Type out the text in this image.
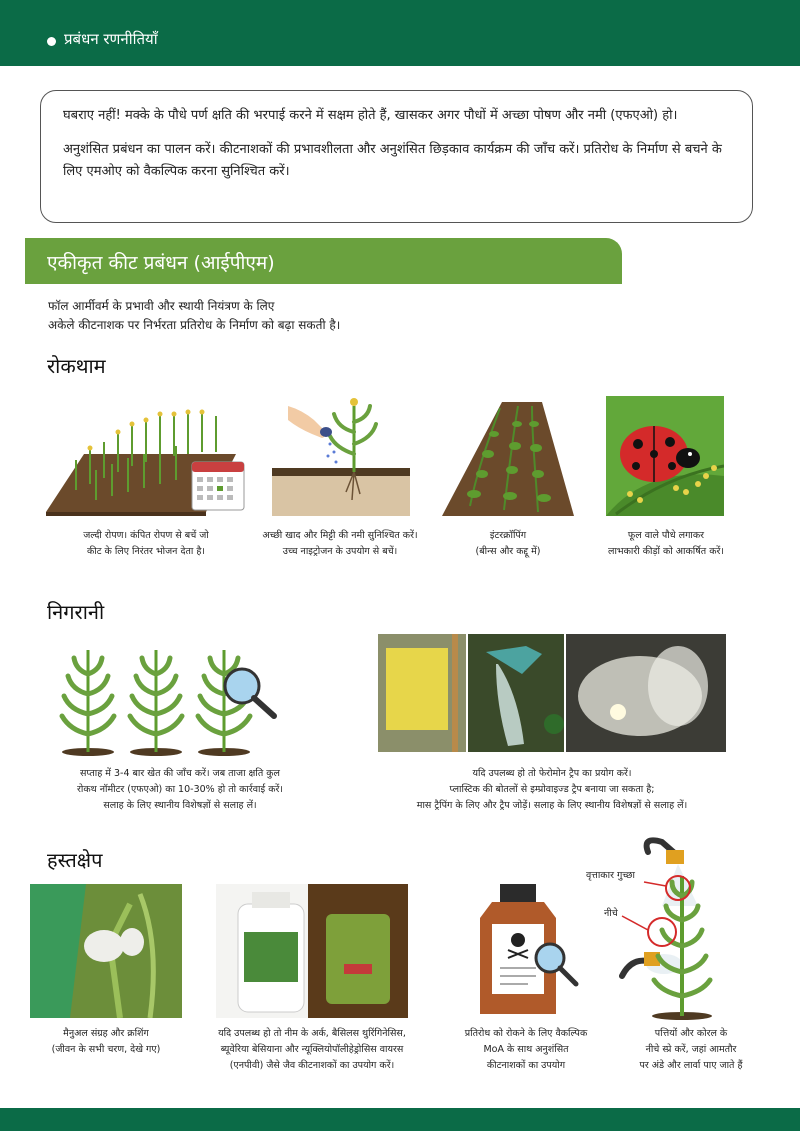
प्रबंधन रणनीतियाँ

घबराए नहीं! मक्के के पौधे पर्ण क्षति की भरपाई करने में सक्षम होते हैं, खासकर अगर पौधों में अच्छा पोषण और नमी (एफएओ) हो।

अनुशंसित प्रबंधन का पालन करें। कीटनाशकों की प्रभावशीलता और अनुशंसित छिड़काव कार्यक्रम की जाँच करें। प्रतिरोध के निर्माण से बचने के लिए एमओए को वैकल्पिक करना सुनिश्चित करें।

एकीकृत कीट प्रबंधन (आईपीएम)
फॉल आर्मीवर्म के प्रभावी और स्थायी नियंत्रण के लिए
अकेले कीटनाशक पर निर्भरता प्रतिरोध के निर्माण को बढ़ा सकती है।
रोकथाम
जल्दी रोपण। कंपित रोपण से बचें जो
कीट के लिए निरंतर भोजन देता है।
अच्छी खाद और मिट्टी की नमी सुनिश्चित करें।
उच्च नाइट्रोजन के उपयोग से बचें।
इंटरक्रॉपिंग
(बीन्स और कद्दू में)
फूल वाले पौधे लगाकर
लाभकारी कीड़ों को आकर्षित करें।
निगरानी
सप्ताह में 3-4 बार खेत की जाँच करें। जब ताजा क्षति कुल
रोकथ नॉमीटर (एफएओ) का 10-30% हो तो कार्रवाई करें।
सलाह के लिए स्थानीय विशेषज्ञों से सलाह लें।
यदि उपलब्ध हो तो फेरोमोन ट्रैप का प्रयोग करें।
प्लास्टिक की बोतलों से इम्प्रोवाइज्ड ट्रैप बनाया जा सकता है;
मास ट्रैपिंग के लिए और ट्रैप जोड़ें। सलाह के लिए स्थानीय विशेषज्ञों से सलाह लें।
हस्तक्षेप
मैनुअल संग्रह और क्रशिंग
(जीवन के सभी चरण, देखे गए)
यदि उपलब्ध हो तो नीम के अर्क, बैसिलस थुरिंगिनेसिस,
ब्यूवेरिया बेसियाना और न्यूक्लियोपॉलीहेड्रोसिस वायरस
(एनपीवी) जैसे जैव कीटनाशकों का उपयोग करें।
प्रतिरोध को रोकने के लिए वैकल्पिक
MoA के साथ अनुशंसित
कीटनाशकों का उपयोग
वृत्ताकार गुच्छा
नीचे
पत्तियों और कोरल के
नीचे स्प्रे करें, जहां आमतौर
पर अंडे और लार्वा पाए जाते हैं
